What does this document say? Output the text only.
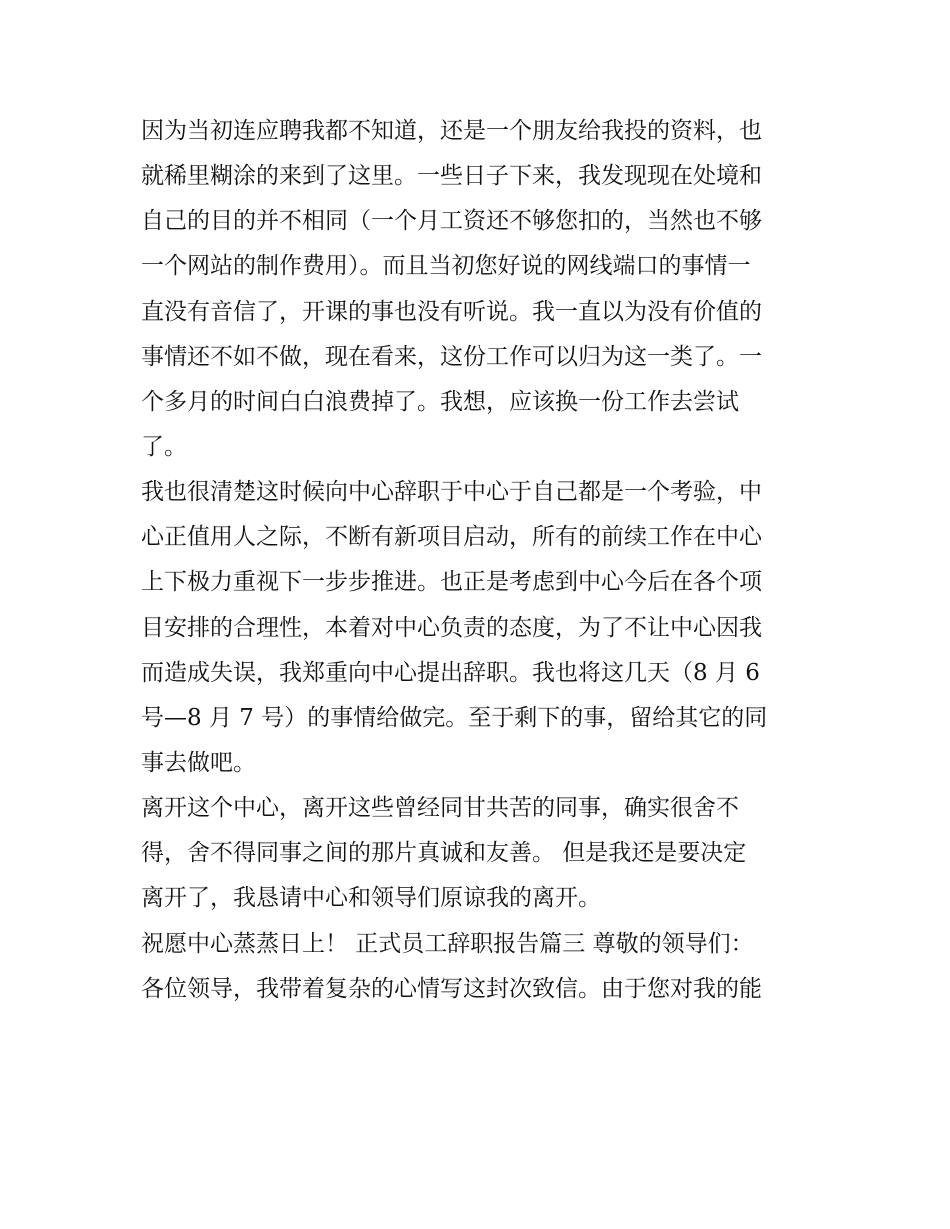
因为当初连应聘我都不知道，还是一个朋友给我投的资料，也
就稀里糊涂的来到了这里。一些日子下来，我发现现在处境和
自己的目的并不相同（一个月工资还不够您扣的，当然也不够
一个网站的制作费用）。而且当初您好说的网线端口的事情一
直没有音信了，开课的事也没有听说。我一直以为没有价值的
事情还不如不做，现在看来，这份工作可以归为这一类了。一
个多月的时间白白浪费掉了。我想，应该换一份工作去尝试
了。
我也很清楚这时候向中心辞职于中心于自己都是一个考验，中
心正值用人之际，不断有新项目启动，所有的前续工作在中心
上下极力重视下一步步推进。也正是考虑到中心今后在各个项
目安排的合理性，本着对中心负责的态度，为了不让中心因我
而造成失误，我郑重向中心提出辞职。我也将这几天（8 月 6
号—8 月 7 号）的事情给做完。至于剩下的事，留给其它的同
事去做吧。
离开这个中心，离开这些曾经同甘共苦的同事，确实很舍不
得，舍不得同事之间的那片真诚和友善。 但是我还是要决定
离开了，我恳请中心和领导们原谅我的离开。
祝愿中心蒸蒸日上！ 正式员工辞职报告篇三 尊敬的领导们：
各位领导，我带着复杂的心情写这封次致信。由于您对我的能
